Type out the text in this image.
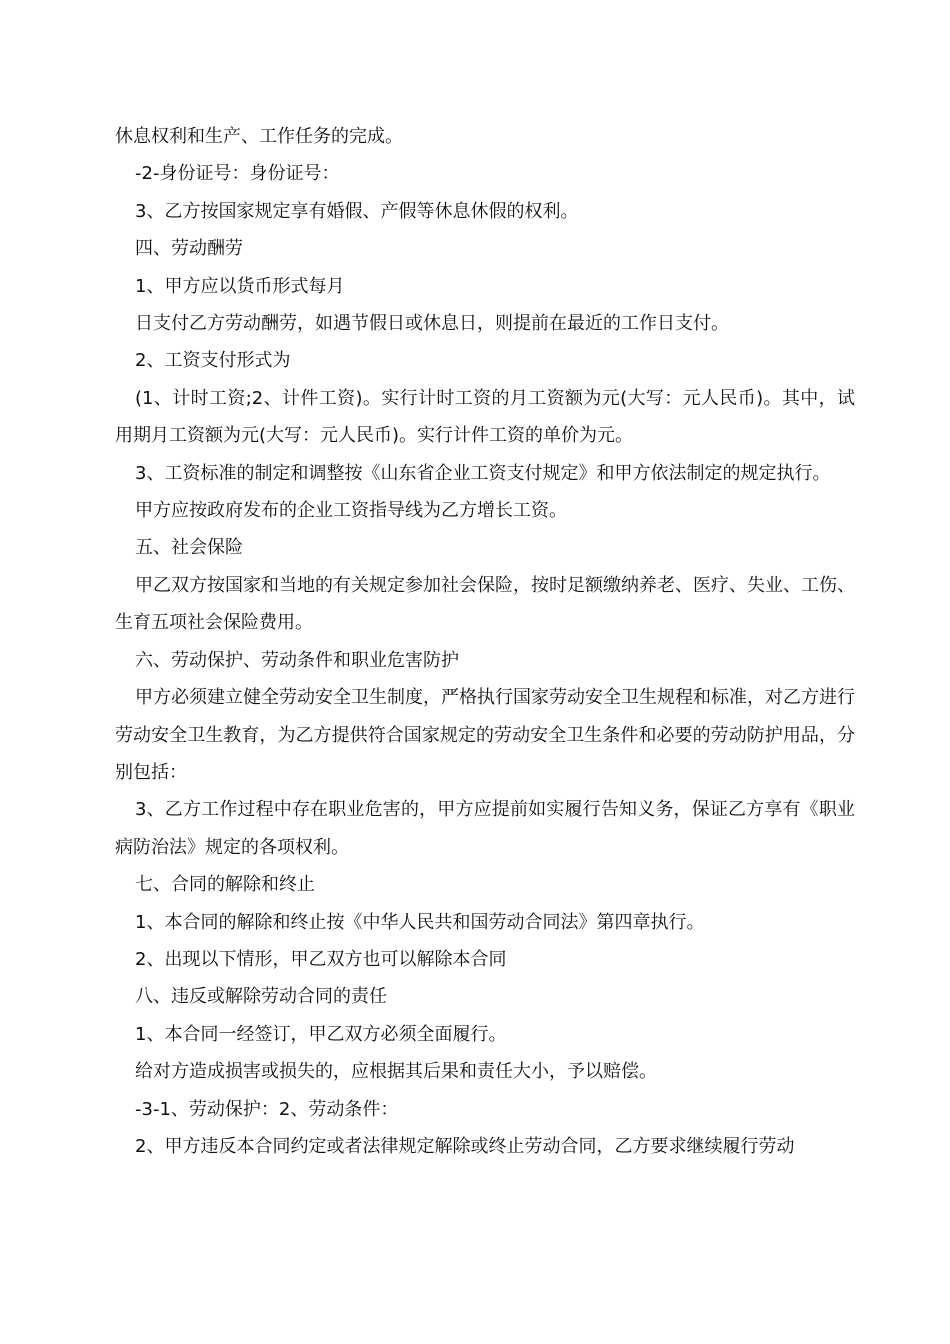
休息权利和生产、工作任务的完成。

-2-身份证号：身份证号：

3、乙方按国家规定享有婚假、产假等休息休假的权利。

四、劳动酬劳

1、甲方应以货币形式每月

日支付乙方劳动酬劳，如遇节假日或休息日，则提前在最近的工作日支付。

2、工资支付形式为

(1、计时工资;2、计件工资)。实行计时工资的月工资额为元(大写：元人民币)。其中，试用期月工资额为元(大写：元人民币)。实行计件工资的单价为元。

3、工资标准的制定和调整按《山东省企业工资支付规定》和甲方依法制定的规定执行。

甲方应按政府发布的企业工资指导线为乙方增长工资。

五、社会保险

甲乙双方按国家和当地的有关规定参加社会保险，按时足额缴纳养老、医疗、失业、工伤、生育五项社会保险费用。

六、劳动保护、劳动条件和职业危害防护

甲方必须建立健全劳动安全卫生制度，严格执行国家劳动安全卫生规程和标准，对乙方进行劳动安全卫生教育，为乙方提供符合国家规定的劳动安全卫生条件和必要的劳动防护用品，分别包括：

3、乙方工作过程中存在职业危害的，甲方应提前如实履行告知义务，保证乙方享有《职业病防治法》规定的各项权利。

七、合同的解除和终止

1、本合同的解除和终止按《中华人民共和国劳动合同法》第四章执行。

2、出现以下情形，甲乙双方也可以解除本合同

八、违反或解除劳动合同的责任

1、本合同一经签订，甲乙双方必须全面履行。

给对方造成损害或损失的，应根据其后果和责任大小，予以赔偿。

-3-1、劳动保护：2、劳动条件：

2、甲方违反本合同约定或者法律规定解除或终止劳动合同，乙方要求继续履行劳动
